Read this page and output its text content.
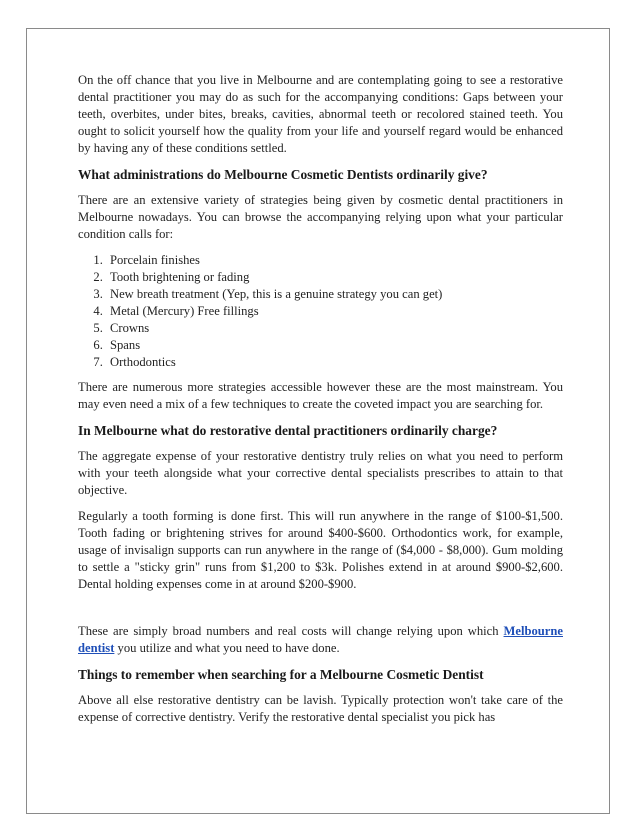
On the off chance that you live in Melbourne and are contemplating going to see a restorative dental practitioner you may do as such for the accompanying conditions: Gaps between your teeth, overbites, under bites, breaks, cavities, abnormal teeth or recolored stained teeth. You ought to solicit yourself how the quality from your life and yourself regard would be enhanced by having any of these conditions settled.

What administrations do Melbourne Cosmetic Dentists ordinarily give?

There are an extensive variety of strategies being given by cosmetic dental practitioners in Melbourne nowadays. You can browse the accompanying relying upon what your particular condition calls for:

1. Porcelain finishes
2. Tooth brightening or fading
3. New breath treatment (Yep, this is a genuine strategy you can get)
4. Metal (Mercury) Free fillings
5. Crowns
6. Spans
7. Orthodontics

There are numerous more strategies accessible however these are the most mainstream. You may even need a mix of a few techniques to create the coveted impact you are searching for.

In Melbourne what do restorative dental practitioners ordinarily charge?

The aggregate expense of your restorative dentistry truly relies on what you need to perform with your teeth alongside what your corrective dental specialists prescribes to attain to that objective.

Regularly a tooth forming is done first. This will run anywhere in the range of $100-$1,500. Tooth fading or brightening strives for around $400-$600. Orthodontics work, for example, usage of invisalign supports can run anywhere in the range of ($4,000 - $8,000). Gum molding to settle a "sticky grin" runs from $1,200 to $3k. Polishes extend in at around $900-$2,600. Dental holding expenses come in at around $200-$900.

These are simply broad numbers and real costs will change relying upon which Melbourne dentist you utilize and what you need to have done.

Things to remember when searching for a Melbourne Cosmetic Dentist

Above all else restorative dentistry can be lavish. Typically protection won't take care of the expense of corrective dentistry. Verify the restorative dental specialist you pick has
